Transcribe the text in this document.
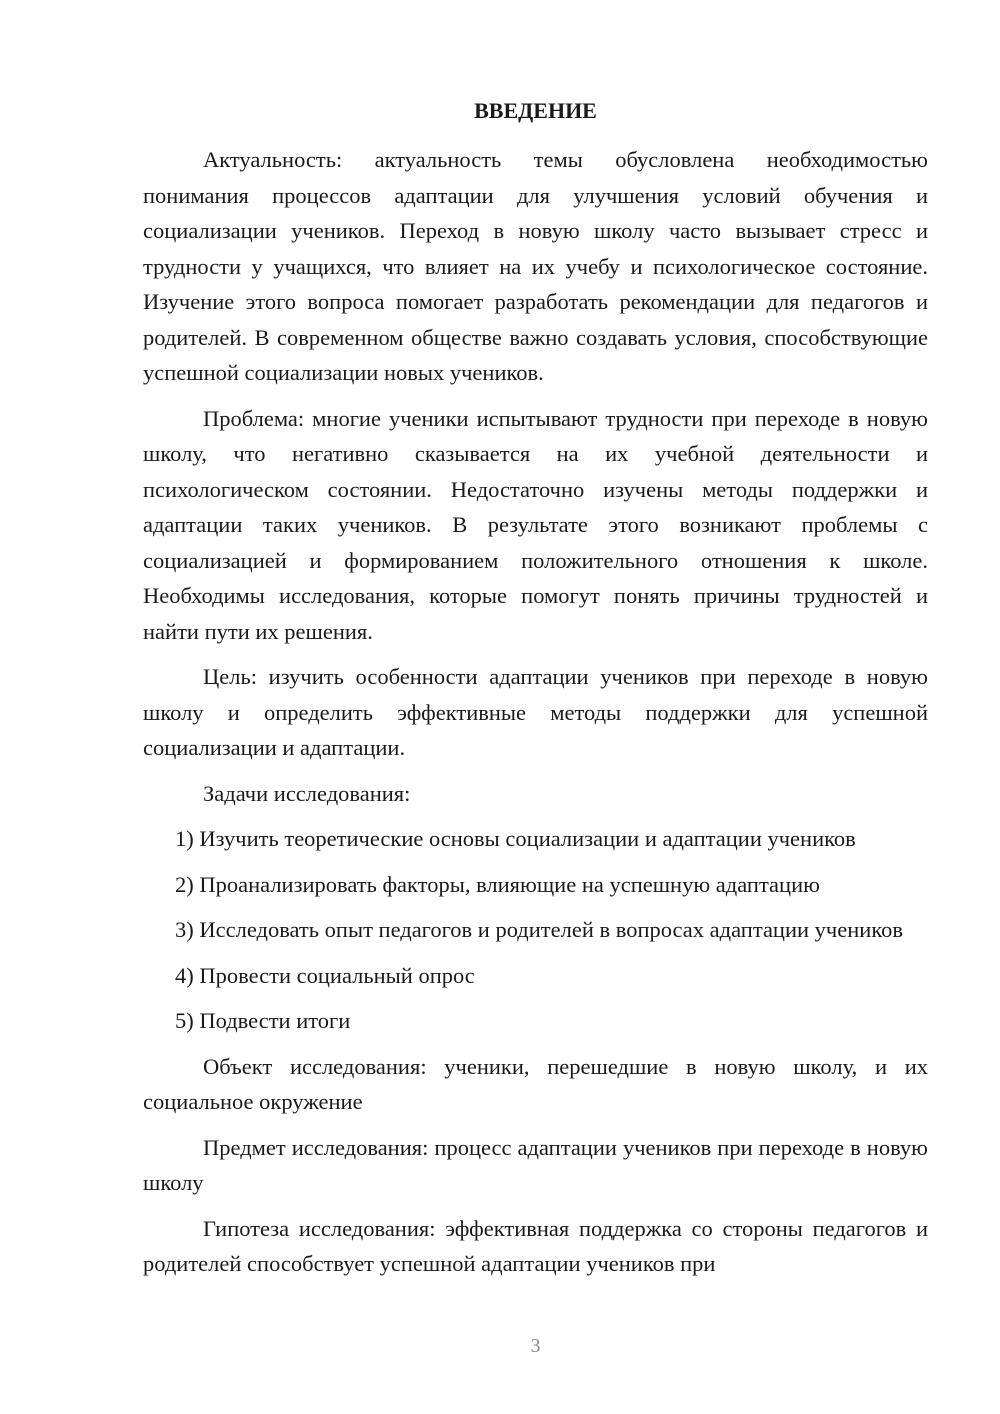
ВВЕДЕНИЕ

Актуальность: актуальность темы обусловлена необходимостью понимания процессов адаптации для улучшения условий обучения и социализации учеников. Переход в новую школу часто вызывает стресс и трудности у учащихся, что влияет на их учебу и психологическое состояние. Изучение этого вопроса помогает разработать рекомендации для педагогов и родителей. В современном обществе важно создавать условия, способствующие успешной социализации новых учеников.

Проблема: многие ученики испытывают трудности при переходе в новую школу, что негативно сказывается на их учебной деятельности и психологическом состоянии. Недостаточно изучены методы поддержки и адаптации таких учеников. В результате этого возникают проблемы с социализацией и формированием положительного отношения к школе. Необходимы исследования, которые помогут понять причины трудностей и найти пути их решения.

Цель: изучить особенности адаптации учеников при переходе в новую школу и определить эффективные методы поддержки для успешной социализации и адаптации.

Задачи исследования:

1) Изучить теоретические основы социализации и адаптации учеников

2) Проанализировать факторы, влияющие на успешную адаптацию

3) Исследовать опыт педагогов и родителей в вопросах адаптации учеников

4) Провести социальный опрос

5) Подвести итоги

Объект исследования: ученики, перешедшие в новую школу, и их социальное окружение

Предмет исследования: процесс адаптации учеников при переходе в новую школу

Гипотеза исследования: эффективная поддержка со стороны педагогов и родителей способствует успешной адаптации учеников при

3
